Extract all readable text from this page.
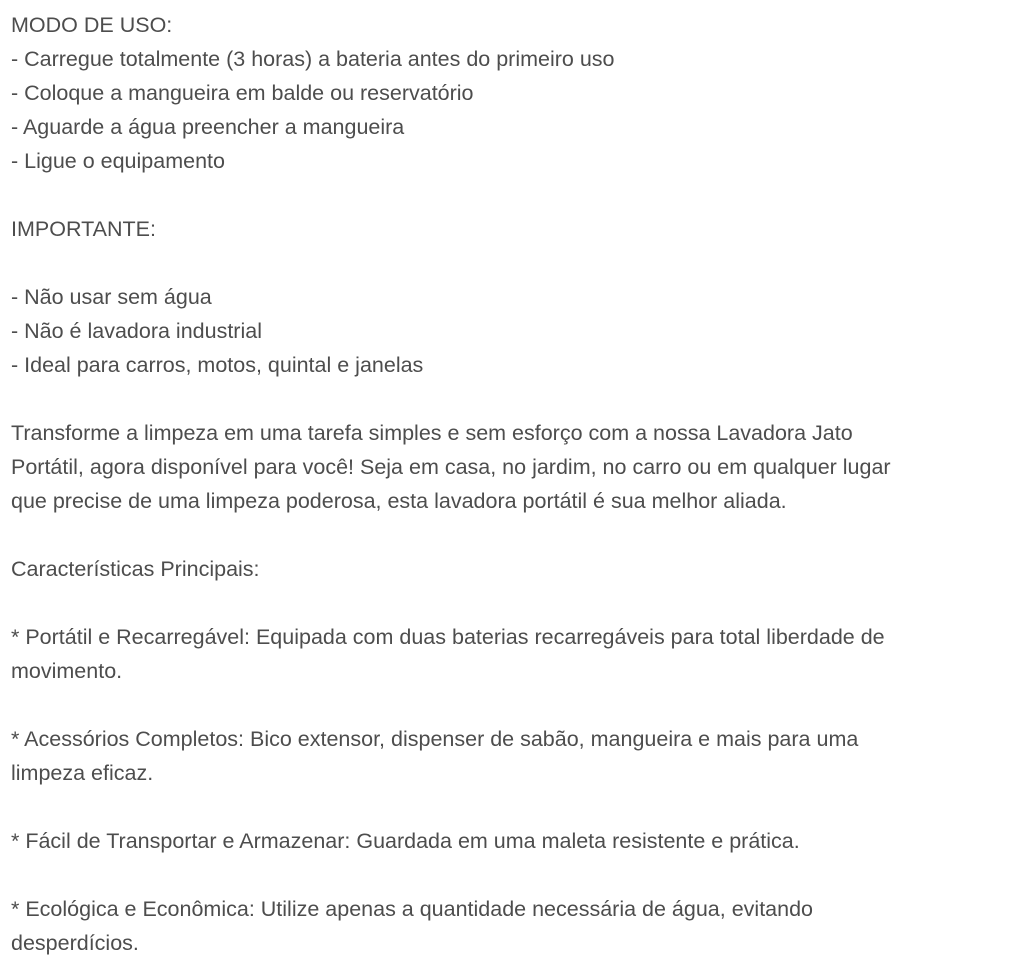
MODO DE USO:
- Carregue totalmente (3 horas) a bateria antes do primeiro uso
- Coloque a mangueira em balde ou reservatório
- Aguarde a água preencher a mangueira
- Ligue o equipamento
IMPORTANTE:
- Não usar sem água
- Não é lavadora industrial
- Ideal para carros, motos, quintal e janelas
Transforme a limpeza em uma tarefa simples e sem esforço com a nossa Lavadora Jato
Portátil, agora disponível para você! Seja em casa, no jardim, no carro ou em qualquer lugar
que precise de uma limpeza poderosa, esta lavadora portátil é sua melhor aliada.
Características Principais:
* Portátil e Recarregável: Equipada com duas baterias recarregáveis para total liberdade de
movimento.
* Acessórios Completos: Bico extensor, dispenser de sabão, mangueira e mais para uma
limpeza eficaz.
* Fácil de Transportar e Armazenar: Guardada em uma maleta resistente e prática.
* Ecológica e Econômica: Utilize apenas a quantidade necessária de água, evitando
desperdícios.
